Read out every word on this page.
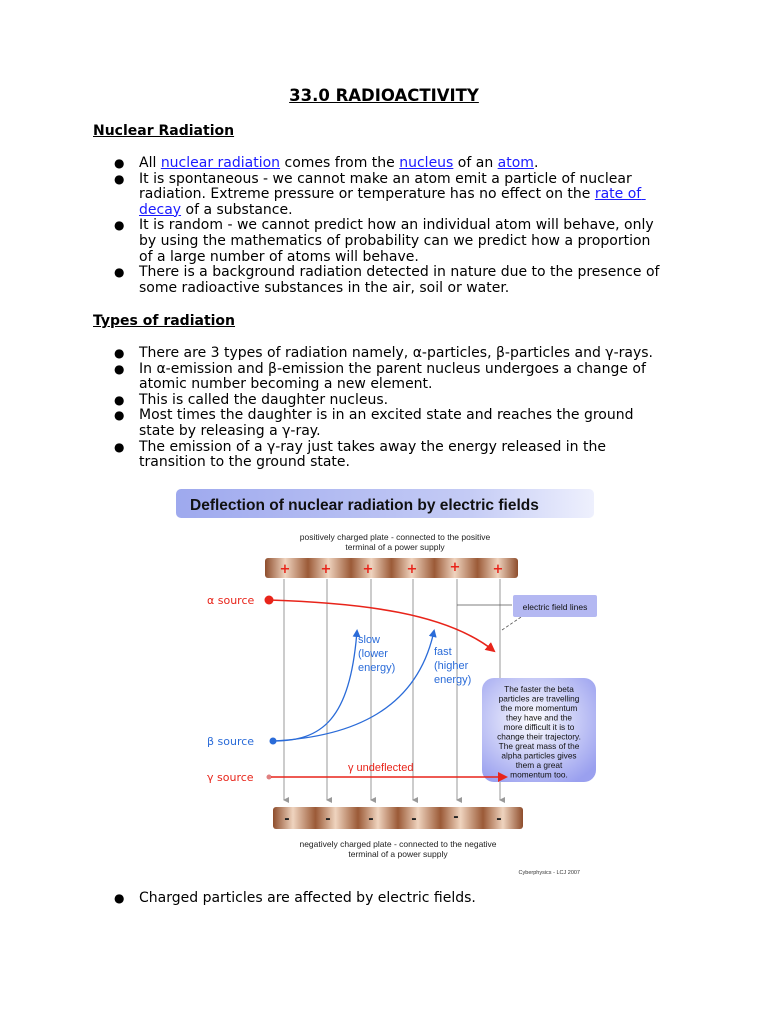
33.0 RADIOACTIVITY
Nuclear Radiation
● All nuclear radiation comes from the nucleus of an atom.
● It is spontaneous - we cannot make an atom emit a particle of nuclear
radiation. Extreme pressure or temperature has no effect on the rate of
decay of a substance.
● It is random - we cannot predict how an individual atom will behave, only
by using the mathematics of probability can we predict how a proportion
of a large number of atoms will behave.
● There is a background radiation detected in nature due to the presence of
some radioactive substances in the air, soil or water.
Types of radiation
● There are 3 types of radiation namely, α-particles, β-particles and γ-rays.
● In α-emission and β-emission the parent nucleus undergoes a change of
atomic number becoming a new element.
● This is called the daughter nucleus.
● Most times the daughter is in an excited state and reaches the ground
state by releasing a γ-ray.
● The emission of a γ-ray just takes away the energy released in the
transition to the ground state.
Deflection of nuclear radiation by electric fields
positively charged plate - connected to the positive
terminal of a power supply
+ + +	+ + +
electric field lines
α source
β source
slow
(lower
energy)
fast
(higher
energy)
The faster the beta
particles are travelling
the more momentum
they have and the
more difficult it is to
change their trajectory.
The great mass of the
alpha particles gives
them a great
momentum too.
γ source
γ undeflected
-	-	-	-	-	-
negatively charged plate - connected to the negative
terminal of a power supply
Cyberphysics - LCJ 2007
● Charged particles are affected by electric fields.
